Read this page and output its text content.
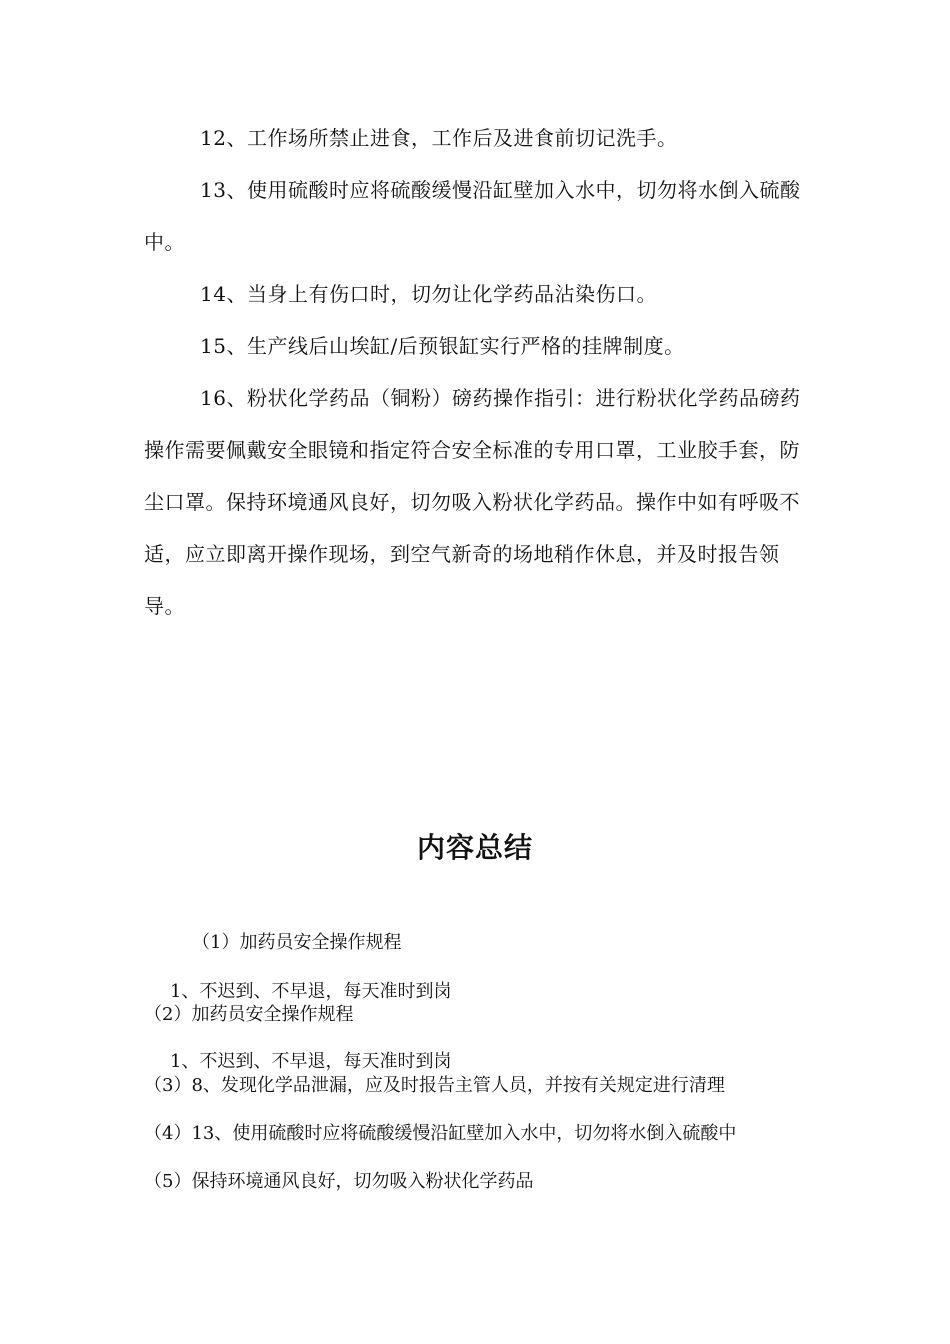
12、工作场所禁止进食，工作后及进食前切记洗手。

13、使用硫酸时应将硫酸缓慢沿缸壁加入水中，切勿将水倒入硫酸中。

14、当身上有伤口时，切勿让化学药品沾染伤口。

15、生产线后山埃缸/后预银缸实行严格的挂牌制度。

16、粉状化学药品（铜粉）磅药操作指引：进行粉状化学药品磅药操作需要佩戴安全眼镜和指定符合安全标准的专用口罩，工业胶手套，防尘口罩。保持环境通风良好，切勿吸入粉状化学药品。操作中如有呼吸不适，应立即离开操作现场，到空气新奇的场地稍作休息，并及时报告领导。

内容总结

（1）加药员安全操作规程

1、不迟到、不早退，每天准时到岗

（2）加药员安全操作规程

1、不迟到、不早退，每天准时到岗

（3）8、发现化学品泄漏，应及时报告主管人员，并按有关规定进行清理

（4）13、使用硫酸时应将硫酸缓慢沿缸壁加入水中，切勿将水倒入硫酸中

（5）保持环境通风良好，切勿吸入粉状化学药品
